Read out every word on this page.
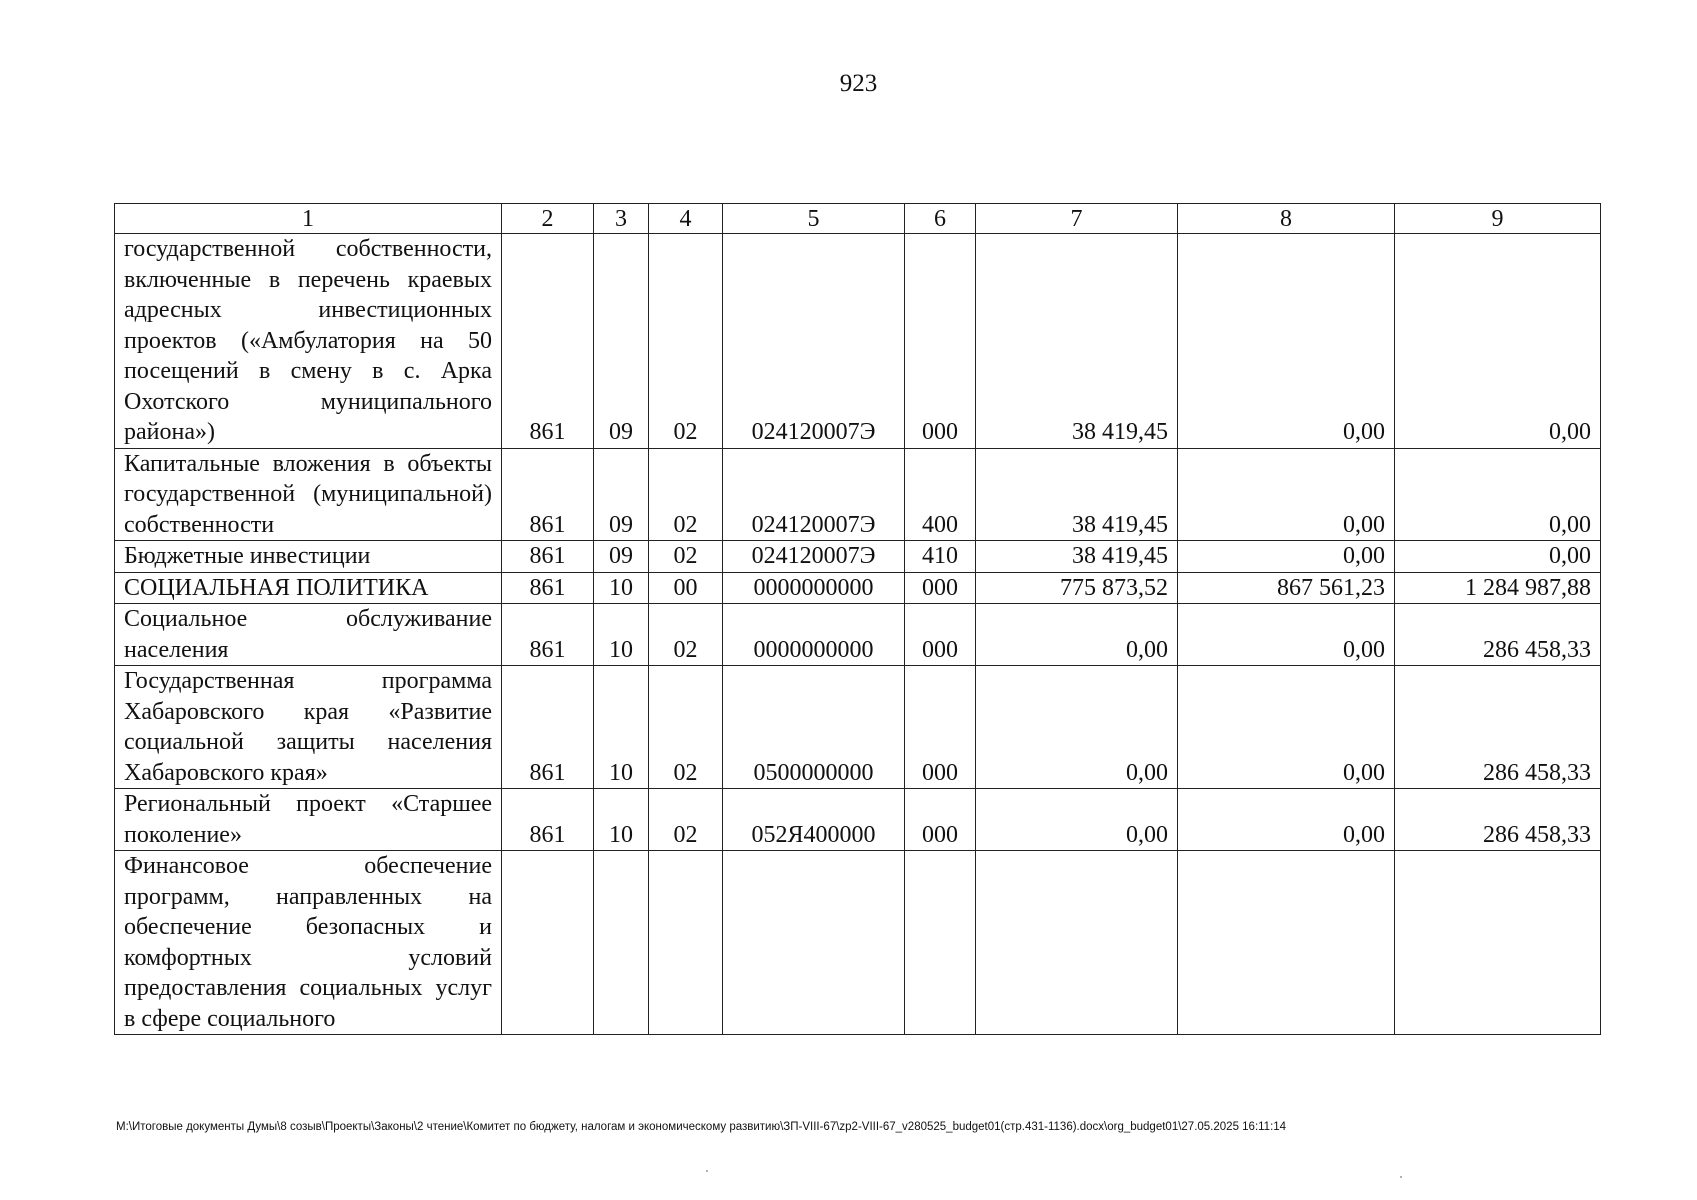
923
1	2	3	4	5	6	7	8	9
государственной собственности, включенные в перечень краевых адресных инвестиционных проектов («Амбулатория на 50 посещений в смену в с. Арка Охотского муниципального района»)	861	09	02	024120007Э	000	38 419,45	0,00	0,00
Капитальные вложения в объекты государственной (муниципальной) собственности	861	09	02	024120007Э	400	38 419,45	0,00	0,00
Бюджетные инвестиции	861	09	02	024120007Э	410	38 419,45	0,00	0,00
СОЦИАЛЬНАЯ ПОЛИТИКА	861	10	00	0000000000	000	775 873,52	867 561,23	1 284 987,88
Социальное обслуживание населения	861	10	02	0000000000	000	0,00	0,00	286 458,33
Государственная программа Хабаровского края «Развитие социальной защиты населения Хабаровского края»	861	10	02	0500000000	000	0,00	0,00	286 458,33
Региональный проект «Старшее поколение»	861	10	02	052Я400000	000	0,00	0,00	286 458,33
Финансовое обеспечение программ, направленных на обеспечение безопасных и комфортных условий предоставления социальных услуг в сфере социального								
M:\Итоговые документы Думы\8 созыв\Проекты\Законы\2 чтение\Комитет по бюджету, налогам и экономическому развитию\ЗП-VIII-67\zp2-VIII-67_v280525_budget01(стр.431-1136).docx\org_budget01\27.05.2025 16:11:14
